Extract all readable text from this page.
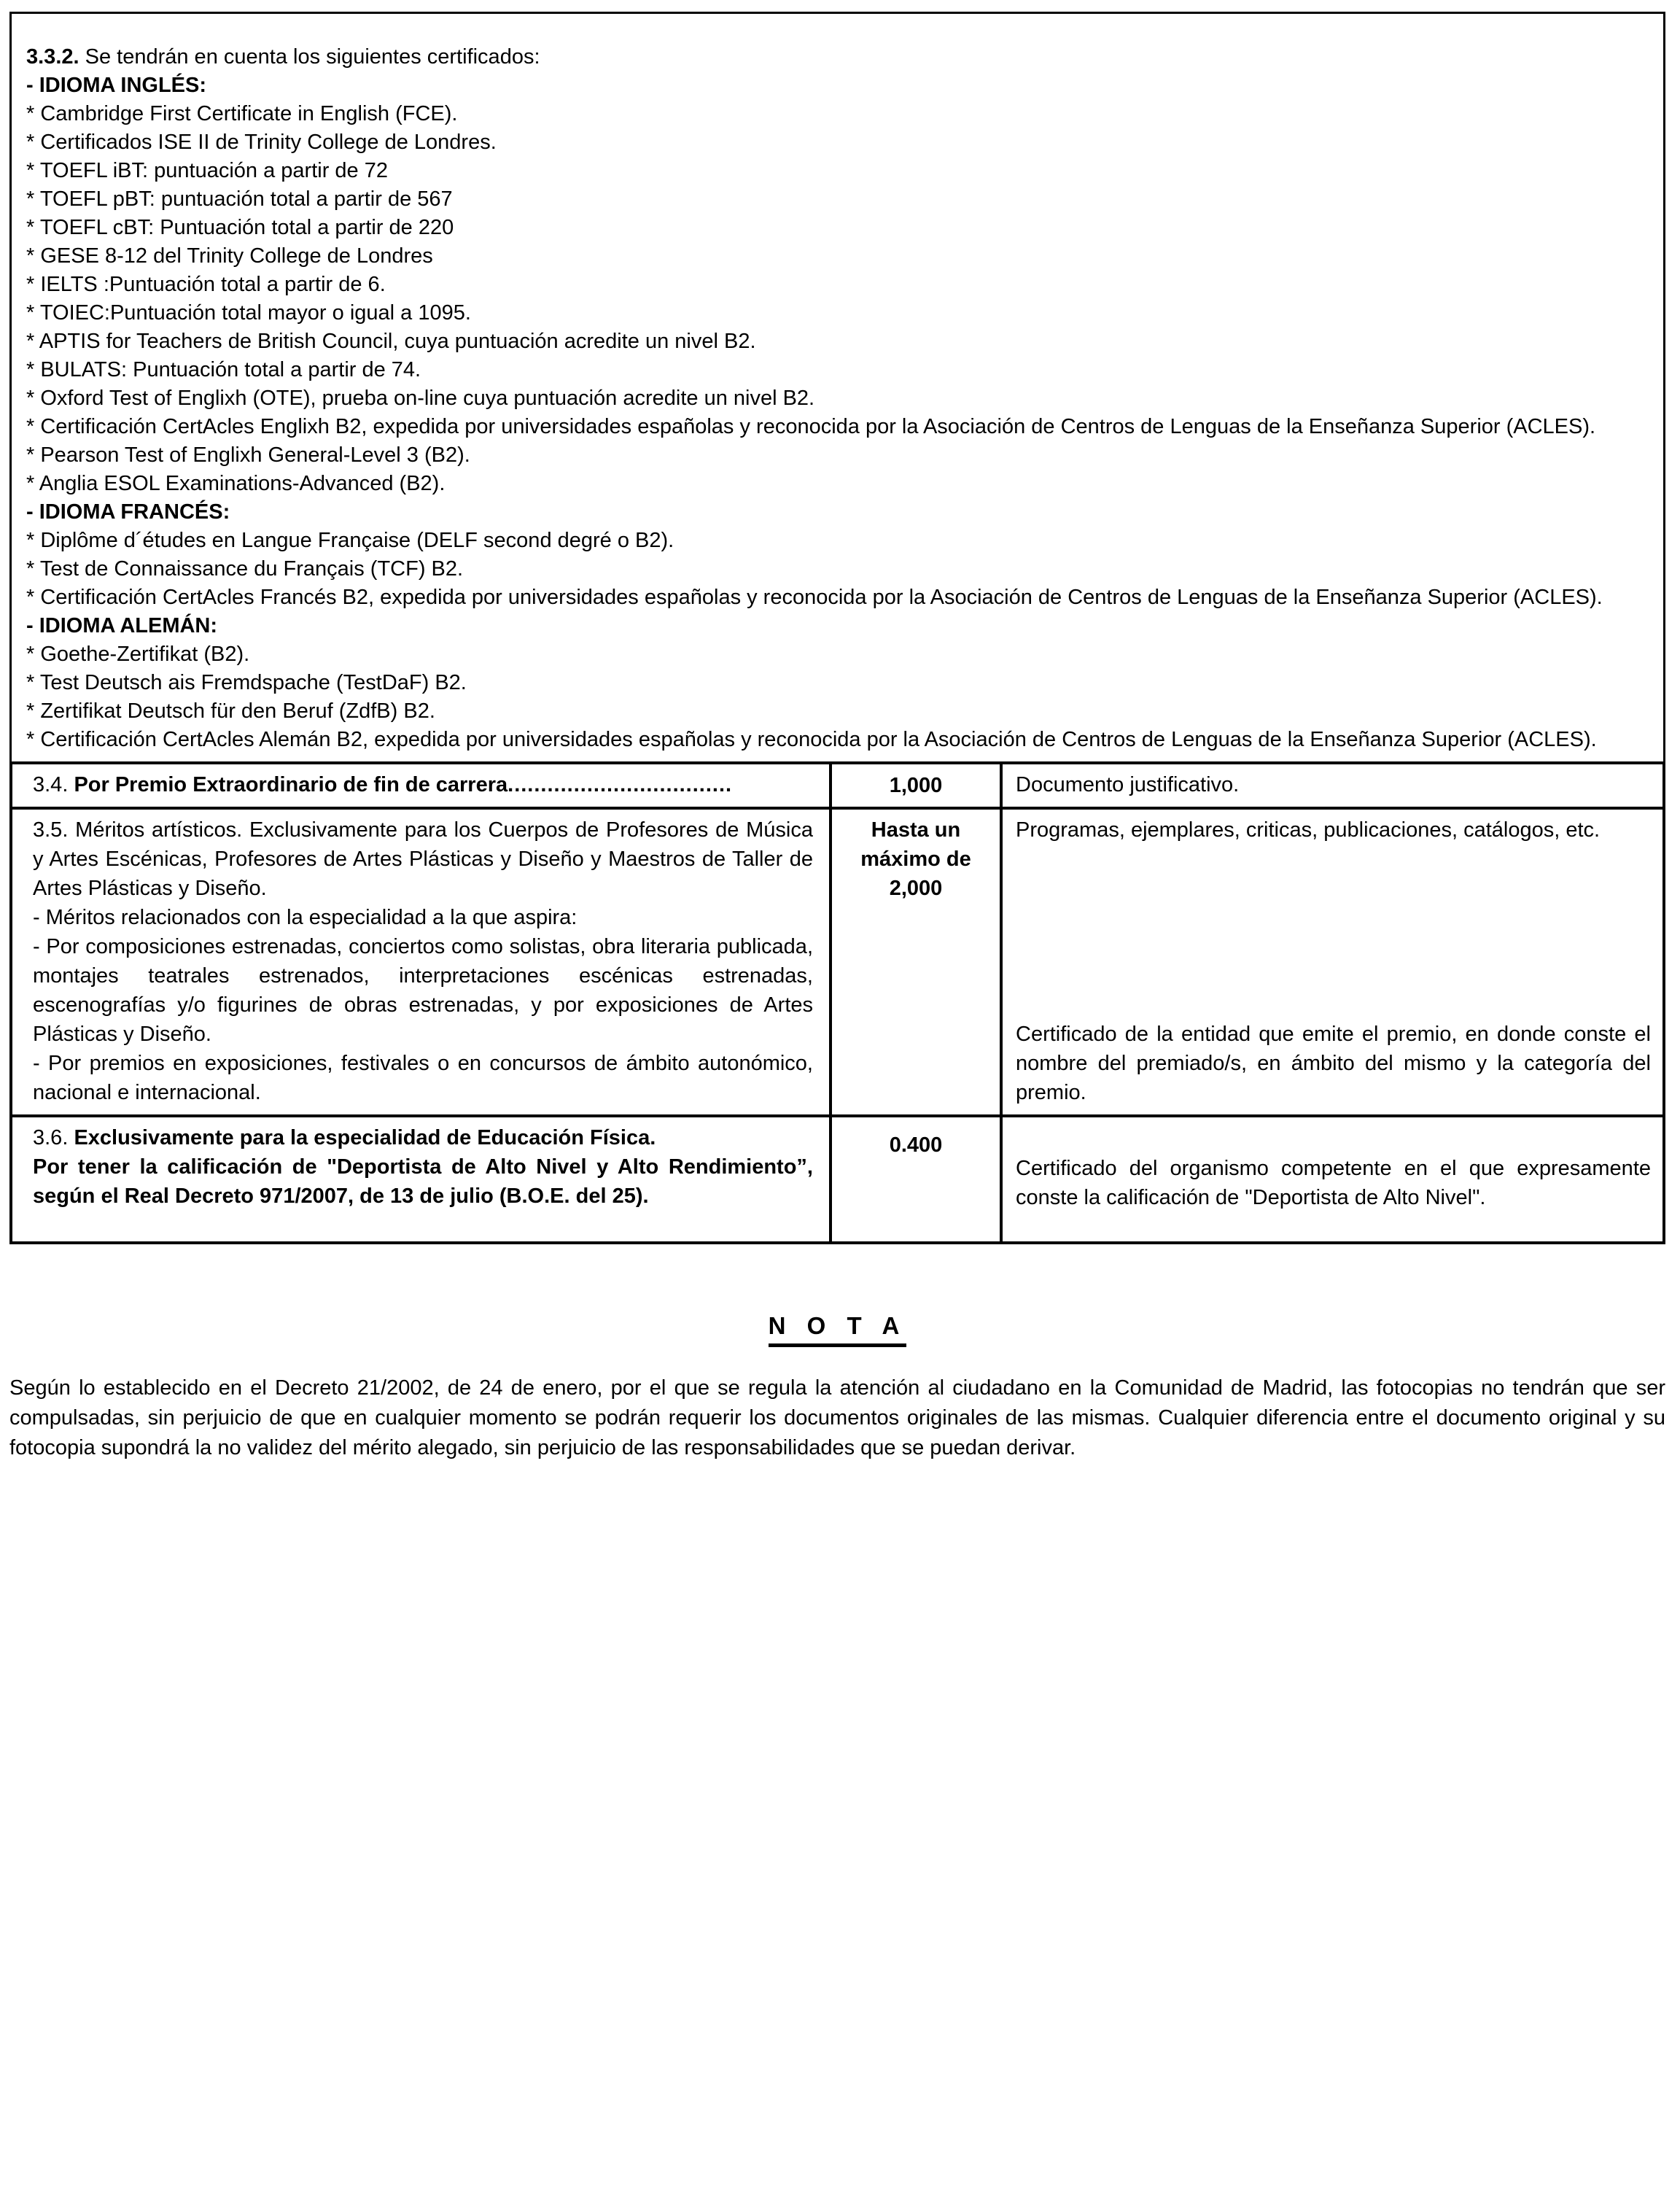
3.3.2. Se tendrán en cuenta los siguientes certificados:
- IDIOMA INGLÉS:
* Cambridge First Certificate in English (FCE).
* Certificados ISE II de Trinity College de Londres.
* TOEFL iBT: puntuación a partir de 72
* TOEFL pBT: puntuación total a partir de 567
* TOEFL cBT: Puntuación total a partir de 220
* GESE 8-12 del Trinity College de Londres
* IELTS :Puntuación total a partir de 6.
* TOIEC:Puntuación total mayor o igual a 1095.
* APTIS for Teachers de British Council, cuya puntuación acredite un nivel B2.
* BULATS: Puntuación total a partir de 74.
* Oxford Test of Englixh (OTE), prueba on-line cuya puntuación acredite un nivel B2.
* Certificación CertAcles Englixh B2, expedida por universidades españolas y reconocida por la Asociación de Centros de Lenguas de la Enseñanza Superior (ACLES).
* Pearson Test of Englixh General-Level 3 (B2).
* Anglia ESOL Examinations-Advanced (B2).
- IDIOMA FRANCÉS:
* Diplôme d´études en Langue Française (DELF second degré o B2).
* Test de Connaissance du Français (TCF) B2.
* Certificación CertAcles Francés B2, expedida por universidades españolas y reconocida por la Asociación de Centros de Lenguas de la Enseñanza Superior (ACLES).
- IDIOMA ALEMÁN:
* Goethe-Zertifikat (B2).
* Test Deutsch ais Fremdspache (TestDaF) B2.
* Zertifikat Deutsch für den Beruf (ZdfB) B2.
* Certificación CertAcles Alemán B2, expedida por universidades españolas y reconocida por la Asociación de Centros de Lenguas de la Enseñanza Superior (ACLES).
3.4. Por Premio Extraordinario de fin de carrera..................................	1,000	Documento justificativo.

3.5. Méritos artísticos. Exclusivamente para los Cuerpos de Profesores de Música y Artes Escénicas, Profesores de Artes Plásticas y Diseño y Maestros de Taller de Artes Plásticas y Diseño.

- Méritos relacionados con la especialidad a la que aspira:

- Por composiciones estrenadas, conciertos como solistas, obra literaria publicada, montajes teatrales estrenados, interpretaciones escénicas estrenadas, escenografías y/o figurines de obras estrenadas, y por exposiciones de Artes Plásticas y Diseño.

- Por premios en exposiciones, festivales o en concursos de ámbito autonómico, nacional e internacional.

Hasta un máximo de 2,000
Programas, ejemplares, criticas, publicaciones, catálogos, etc.
Certificado de la entidad que emite el premio, en donde conste el nombre del premiado/s, en ámbito del mismo y la categoría del premio.
3.6. Exclusivamente para la especialidad de Educación Física.
Por tener la calificación de "Deportista de Alto Nivel y Alto Rendimiento”, según el Real Decreto 971/2007, de 13 de julio (B.O.E. del 25).
0.400
Certificado del organismo competente en el que expresamente conste la calificación de "Deportista de Alto Nivel".
N O T A
Según lo establecido en el Decreto 21/2002, de 24 de enero, por el que se regula la atención al ciudadano en la Comunidad de Madrid, las fotocopias no tendrán que ser compulsadas, sin perjuicio de que en cualquier momento se podrán requerir los documentos originales de las mismas. Cualquier diferencia entre el documento original y su fotocopia supondrá la no validez del mérito alegado, sin perjuicio de las responsabilidades que se puedan derivar.
